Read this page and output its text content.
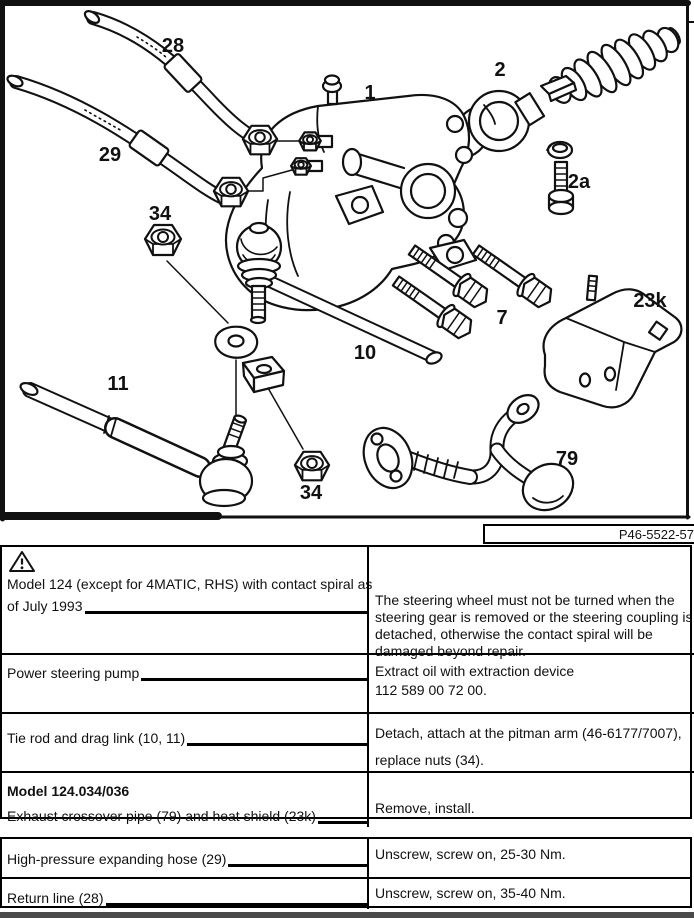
28
29
34
1
2
2a
7
10
23k
11
79
34
P46-5522-57
Model 124 (except for 4MATIC, RHS) with contact spiral as
of July 1993	The steering wheel must not be turned when the
steering gear is removed or the steering coupling is
detached, otherwise the contact spiral will be
damaged beyond repair.
Power steering pump	Extract oil with extraction device
112 589 00 72 00.
Tie rod and drag link (10, 11)	Detach, attach at the pitman arm (46-6177/7007),
replace nuts (34).
Model 124.034/036
Exhaust crossover pipe (79) and heat shield (23k)	Remove, install.
High-pressure expanding hose (29)	Unscrew, screw on, 25-30 Nm.
Return line (28)	Unscrew, screw on, 35-40 Nm.
